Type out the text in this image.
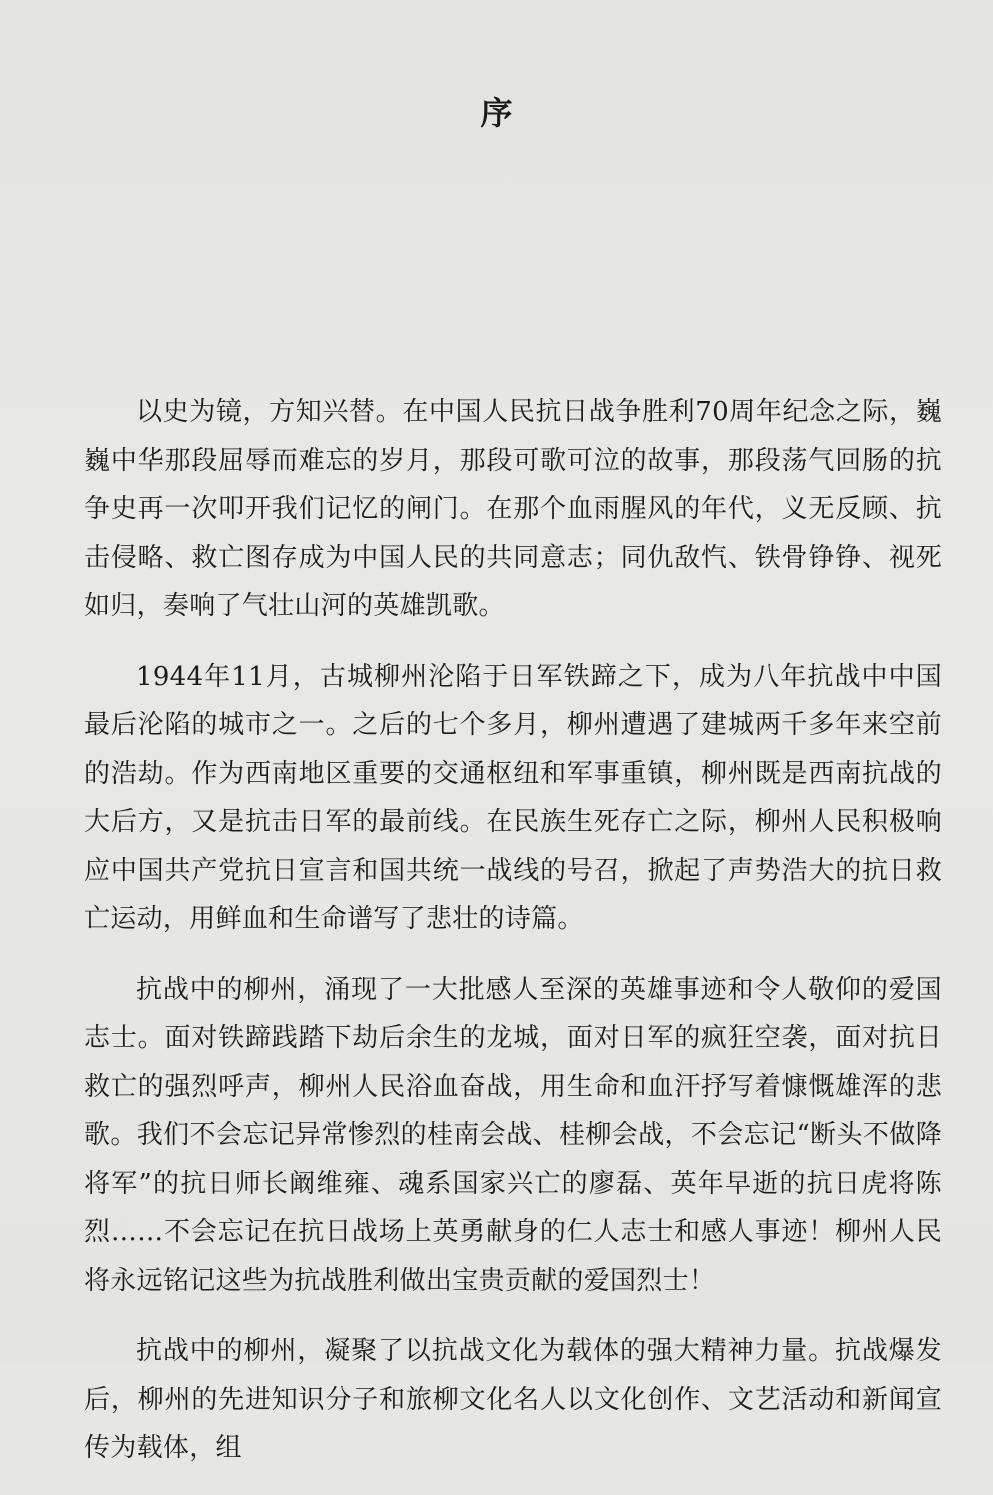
序

以史为镜，方知兴替。在中国人民抗日战争胜利70周年纪念之际，巍巍中华那段屈辱而难忘的岁月，那段可歌可泣的故事，那段荡气回肠的抗争史再一次叩开我们记忆的闸门。在那个血雨腥风的年代，义无反顾、抗击侵略、救亡图存成为中国人民的共同意志；同仇敌忾、铁骨铮铮、视死如归，奏响了气壮山河的英雄凯歌。

1944年11月，古城柳州沦陷于日军铁蹄之下，成为八年抗战中中国最后沦陷的城市之一。之后的七个多月，柳州遭遇了建城两千多年来空前的浩劫。作为西南地区重要的交通枢纽和军事重镇，柳州既是西南抗战的大后方，又是抗击日军的最前线。在民族生死存亡之际，柳州人民积极响应中国共产党抗日宣言和国共统一战线的号召，掀起了声势浩大的抗日救亡运动，用鲜血和生命谱写了悲壮的诗篇。

抗战中的柳州，涌现了一大批感人至深的英雄事迹和令人敬仰的爱国志士。面对铁蹄践踏下劫后余生的龙城，面对日军的疯狂空袭，面对抗日救亡的强烈呼声，柳州人民浴血奋战，用生命和血汗抒写着慷慨雄浑的悲歌。我们不会忘记异常惨烈的桂南会战、桂柳会战，不会忘记“断头不做降将军”的抗日师长阚维雍、魂系国家兴亡的廖磊、英年早逝的抗日虎将陈烈……不会忘记在抗日战场上英勇献身的仁人志士和感人事迹！柳州人民将永远铭记这些为抗战胜利做出宝贵贡献的爱国烈士！

抗战中的柳州，凝聚了以抗战文化为载体的强大精神力量。抗战爆发后，柳州的先进知识分子和旅柳文化名人以文化创作、文艺活动和新闻宣传为载体，组
